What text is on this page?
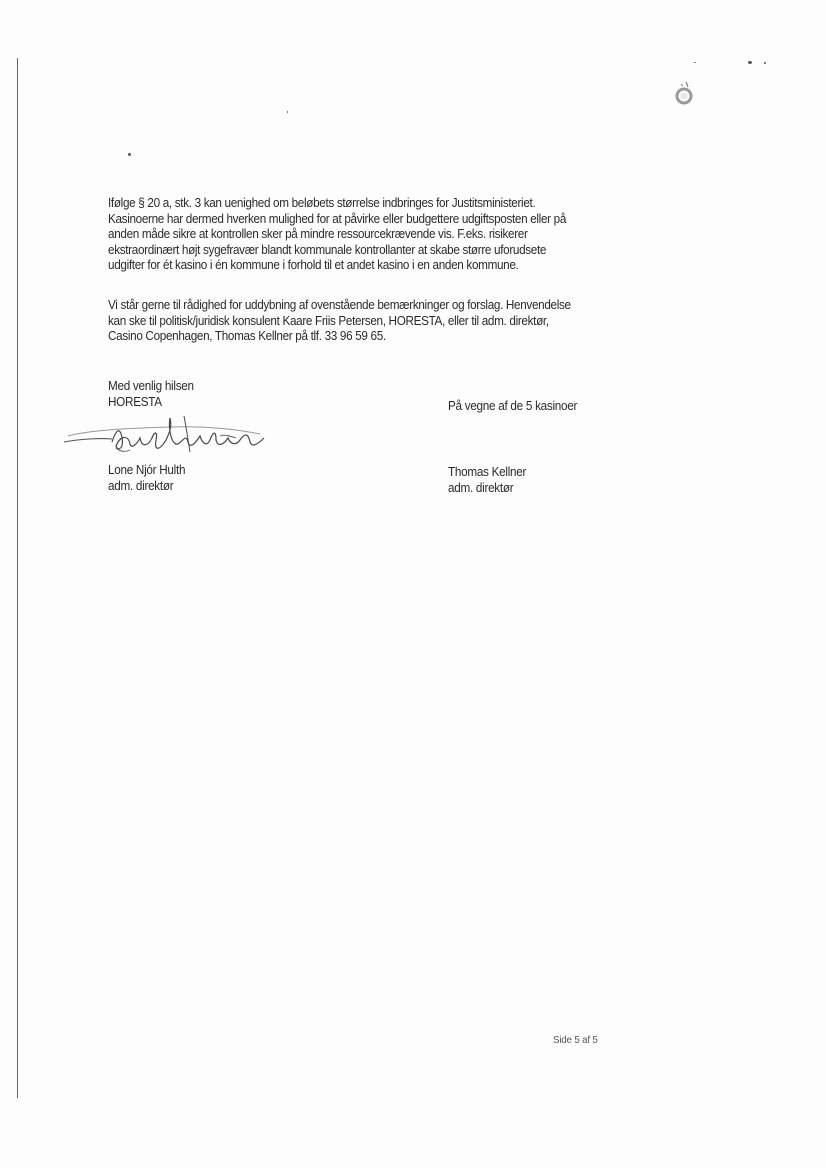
Ifølge § 20 a, stk. 3 kan uenighed om beløbets størrelse indbringes for Justitsministeriet.
Kasinoerne har dermed hverken mulighed for at påvirke eller budgettere udgiftsposten eller på
anden måde sikre at kontrollen sker på mindre ressourcekrævende vis. F.eks. risikerer
ekstraordinært højt sygefravær blandt kommunale kontrollanter at skabe større uforudsete
udgifter for ét kasino i én kommune i forhold til et andet kasino i en anden kommune.
Vi står gerne til rådighed for uddybning af ovenstående bemærkninger og forslag. Henvendelse
kan ske til politisk/juridisk konsulent Kaare Friis Petersen, HORESTA, eller til adm. direktør,
Casino Copenhagen, Thomas Kellner på tlf. 33 96 59 65.
Med venlig hilsen
HORESTA	På vegne af de 5 kasinoer
Lone Njór Hulth
adm. direktør
Thomas Kellner
adm. direktør
Side 5 af 5
